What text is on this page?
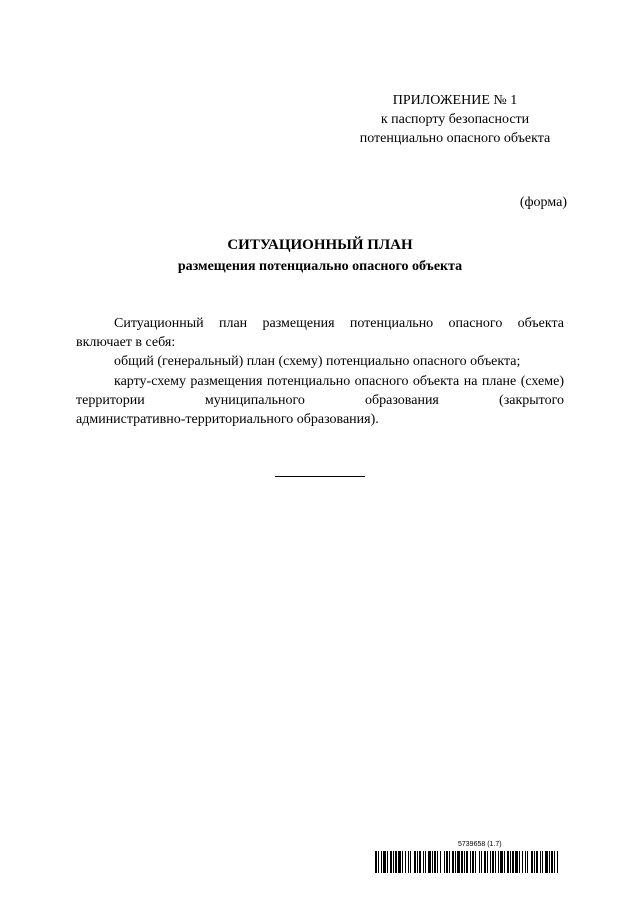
ПРИЛОЖЕНИЕ № 1
к паспорту безопасности
потенциально опасного объекта
(форма)
СИТУАЦИОННЫЙ ПЛАН
размещения потенциально опасного объекта

Ситуационный план размещения потенциально опасного объекта включает в себя:

общий (генеральный) план (схему) потенциально опасного объекта;

карту-схему размещения потенциально опасного объекта на плане (схеме) территории муниципального образования (закрытого
административно-территориального образования).

5739658 (1.7)
